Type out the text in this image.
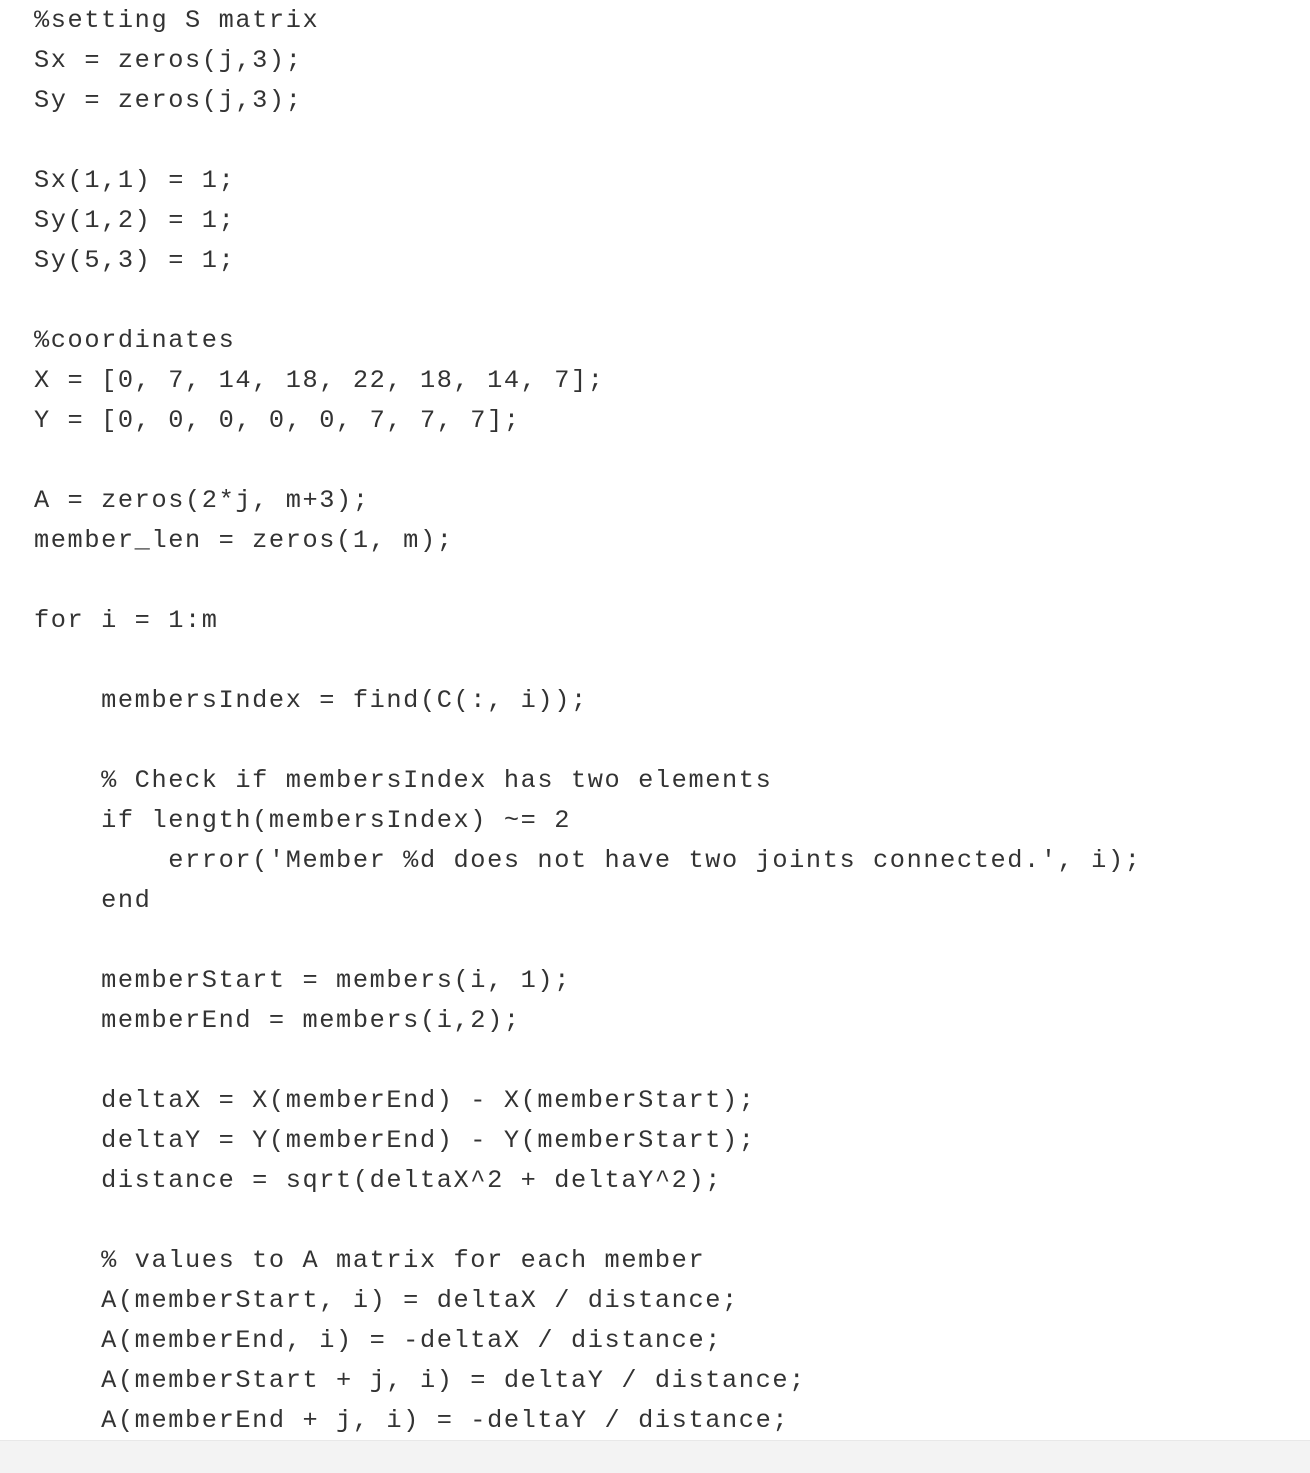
%setting S matrix
Sx = zeros(j,3);
Sy = zeros(j,3);
Sx(1,1) = 1;
Sy(1,2) = 1;
Sy(5,3) = 1;
%coordinates
X = [0, 7, 14, 18, 22, 18, 14, 7];
Y = [0, 0, 0, 0, 0, 7, 7, 7];
A = zeros(2*j, m+3);
member_len = zeros(1, m);
for i = 1:m
membersIndex = find(C(:, i));
% Check if membersIndex has two elements
if length(membersIndex) ~= 2
error('Member %d does not have two joints connected.', i);
end
memberStart = members(i, 1);
memberEnd = members(i,2);
deltaX = X(memberEnd) - X(memberStart);
deltaY = Y(memberEnd) - Y(memberStart);
distance = sqrt(deltaX^2 + deltaY^2);
% values to A matrix for each member
A(memberStart, i) = deltaX / distance;
A(memberEnd, i) = -deltaX / distance;
A(memberStart + j, i) = deltaY / distance;
A(memberEnd + j, i) = -deltaY / distance;
